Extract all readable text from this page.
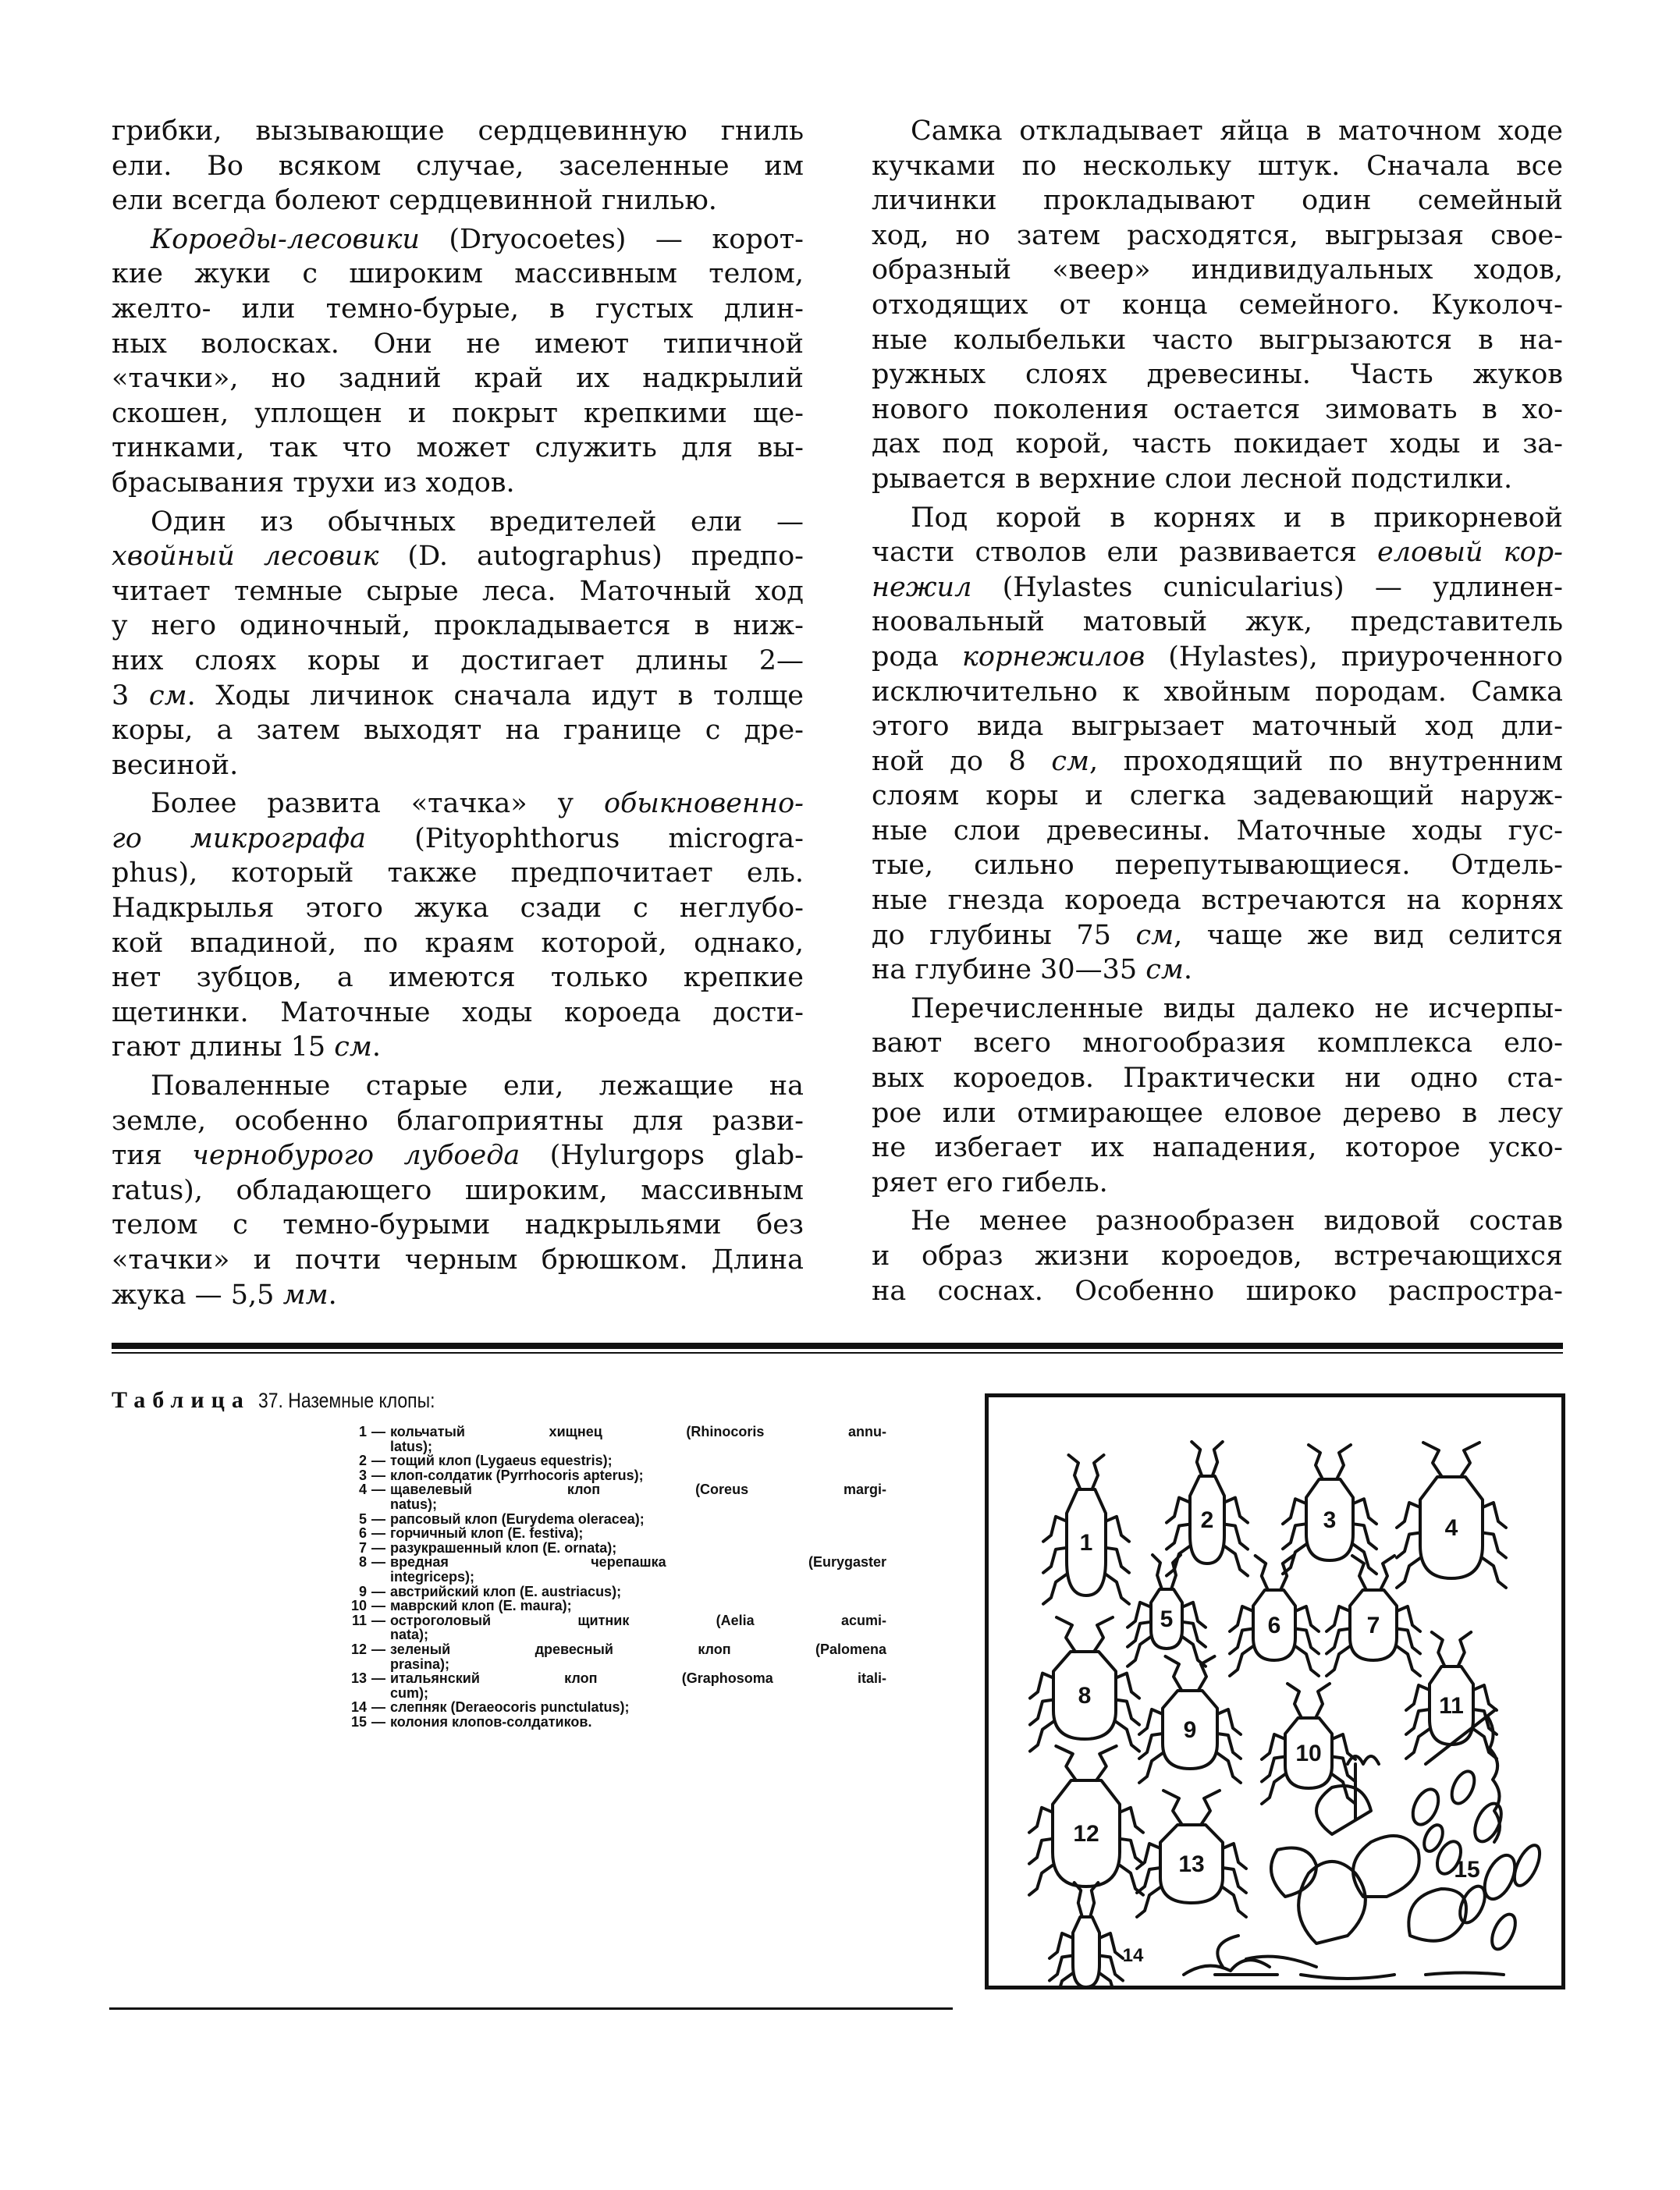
грибки, вызывающие сердцевинную гниль
ели. Во всяком случае, заселенные им
ели всегда болеют сердцевинной гнилью.
Короеды-лесовики (Dryocoetes) — корот-
кие жуки с широким массивным телом,
желто- или темно-бурые, в густых длин-
ных волосках. Они не имеют типичной
«тачки», но задний край их надкрылий
скошен, уплощен и покрыт крепкими ще-
тинками, так что может служить для вы-
брасывания трухи из ходов.
Один из обычных вредителей ели —
хвойный лесовик (D. autographus) предпо-
читает темные сырые леса. Маточный ход
у него одиночный, прокладывается в ниж-
них слоях коры и достигает длины 2—
3 см. Ходы личинок сначала идут в толще
коры, а затем выходят на границе с дре-
весиной.
Более развита «тачка» у обыкновенно-
го микрографа (Pityophthorus microgra-
phus), который также предпочитает ель.
Надкрылья этого жука сзади с неглубо-
кой впадиной, по краям которой, однако,
нет зубцов, а имеются только крепкие
щетинки. Маточные ходы короеда дости-
гают длины 15 см.
Поваленные старые ели, лежащие на
земле, особенно благоприятны для разви-
тия чернобурого лубоеда (Hylurgops glab-
ratus), обладающего широким, массивным
телом с темно-бурыми надкрыльями без
«тачки» и почти черным брюшком. Длина
жука — 5,5 мм.
Самка откладывает яйца в маточном ходе
кучками по нескольку штук. Сначала все
личинки прокладывают один семейный
ход, но затем расходятся, выгрызая свое-
образный «веер» индивидуальных ходов,
отходящих от конца семейного. Куколоч-
ные колыбельки часто выгрызаются в на-
ружных слоях древесины. Часть жуков
нового поколения остается зимовать в хо-
дах под корой, часть покидает ходы и за-
рывается в верхние слои лесной подстилки.
Под корой в корнях и в прикорневой
части стволов ели развивается еловый кор-
нежил (Hylastes cunicularius) — удлинен-
ноовальный матовый жук, представитель
рода корнежилов (Hylastes), приуроченного
исключительно к хвойным породам. Самка
этого вида выгрызает маточный ход дли-
ной до 8 см, проходящий по внутренним
слоям коры и слегка задевающий наруж-
ные слои древесины. Маточные ходы гус-
тые, сильно перепутывающиеся. Отдель-
ные гнезда короеда встречаются на корнях
до глубины 75 см, чаще же вид селится
на глубине 30—35 см.
Перечисленные виды далеко не исчерпы-
вают всего многообразия комплекса ело-
вых короедов. Практически ни одно ста-
рое или отмирающее еловое дерево в лесу
не избегает их нападения, которое уско-
ряет его гибель.
Не менее разнообразен видовой состав
и образ жизни короедов, встречающихся
на соснах. Особенно широко распростра-
Таблица 37. Наземные клопы:
1 — кольчатый хищнец (Rhinocoris annu-
latus);
2 — тощий клоп (Lygaeus equestris);
3 — клоп-солдатик (Pyrrhocoris apterus);
4 — щавелевый клоп (Coreus margi-
natus);
5 — рапсовый клоп (Eurydema oleracea);
6 — горчичный клоп (E. festiva);
7 — разукрашенный клоп (E. ornata);
8 — вредная черепашка (Eurygaster
integriceps);
9 — австрийский клоп (E. austriacus);
10 — мавpский клоп (E. maura);
11 — остроголовый щитник (Aelia acumi-
nata);
12 — зеленый древесный клоп (Palomena
prasina);
13 — итальянский клоп (Graphosoma itali-
cum);
14 — слепняк (Deraeocoris punctulatus);
15 — колония клопов-солдатиков.
1
2	3	4
5	6	7
8
9
10
11
12
13
14
15
